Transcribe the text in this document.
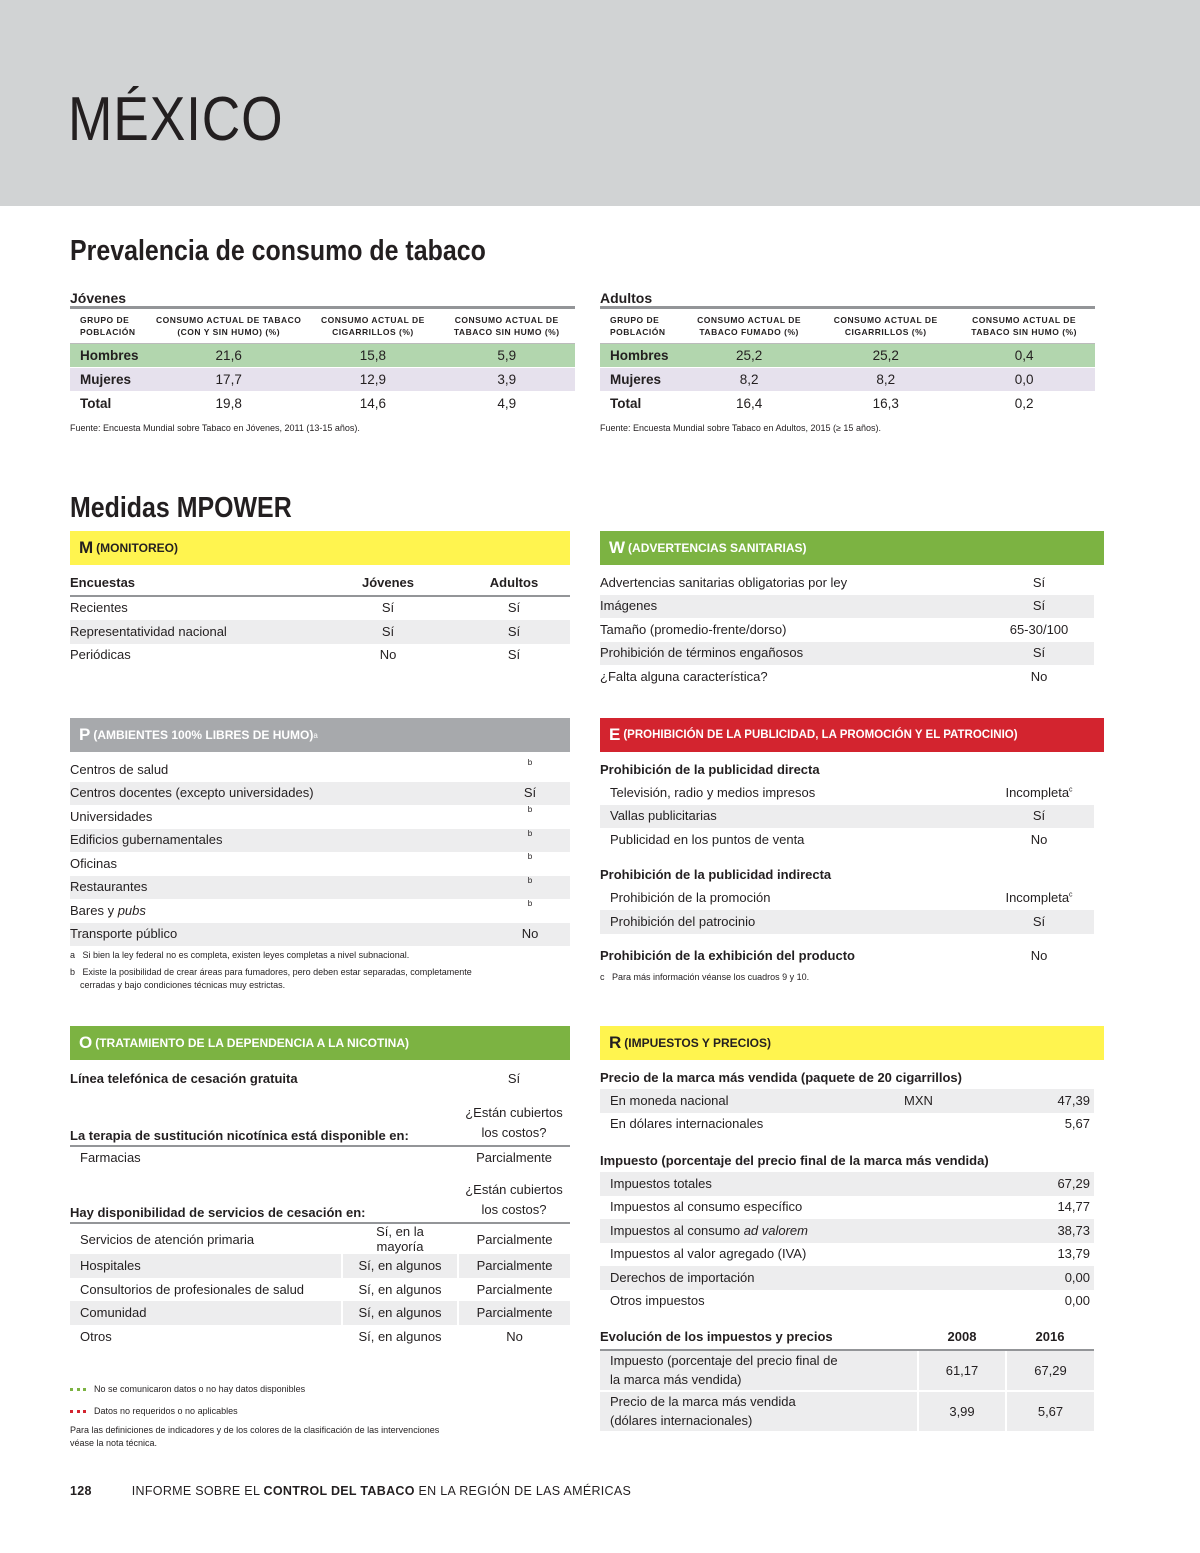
MÉXICO
Prevalencia de consumo de tabaco
Jóvenes
GRUPO DE POBLACIÓN	CONSUMO ACTUAL DE TABACO (CON Y SIN HUMO) (%)	CONSUMO ACTUAL DE CIGARRILLOS (%)	CONSUMO ACTUAL DE TABACO SIN HUMO (%)
Hombres	21,6	15,8	5,9
Mujeres	17,7	12,9	3,9
Total	19,8	14,6	4,9
Fuente: Encuesta Mundial sobre Tabaco en Jóvenes, 2011 (13-15 años).
Adultos
GRUPO DE POBLACIÓN	CONSUMO ACTUAL DE TABACO FUMADO (%)	CONSUMO ACTUAL DE CIGARRILLOS (%)	CONSUMO ACTUAL DE TABACO SIN HUMO (%)
Hombres	25,2	25,2	0,4
Mujeres	8,2	8,2	0,0
Total	16,4	16,3	0,2
Fuente: Encuesta Mundial sobre Tabaco en Adultos, 2015 (≥ 15 años).
Medidas MPOWER
M (MONITOREO)
Encuestas	Jóvenes	Adultos
Recientes	Sí	Sí
Representatividad nacional	Sí	Sí
Periódicas	No	Sí
W (ADVERTENCIAS SANITARIAS)
Advertencias sanitarias obligatorias por ley	Sí
Imágenes	Sí
Tamaño (promedio-frente/dorso)	65-30/100
Prohibición de términos engañosos	Sí
¿Falta alguna característica?	No
P (AMBIENTES 100% LIBRES DE HUMO) a
Centros de salud	b
Centros docentes (excepto universidades)	Sí
Universidades	b
Edificios gubernamentales	b
Oficinas	b
Restaurantes	b
Bares y pubs	b
Transporte público	No
a   Si bien la ley federal no es completa, existen leyes completas a nivel subnacional.
b   Existe la posibilidad de crear áreas para fumadores, pero deben estar separadas, completamente
cerradas y bajo condiciones técnicas muy estrictas.
E (PROHIBICIÓN DE LA PUBLICIDAD, LA PROMOCIÓN Y EL PATROCINIO)
Prohibición de la publicidad directa
Televisión, radio y medios impresos	Incompleta$^c$
Vallas publicitarias	Sí
Publicidad en los puntos de venta	No
Prohibición de la publicidad indirecta
Prohibición de la promoción	Incompleta$^c$
Prohibición del patrocinio	Sí
Prohibición de la exhibición del producto	No
c   Para más información véanse los cuadros 9 y 10.
O (TRATAMIENTO DE LA DEPENDENCIA A LA NICOTINA)
Línea telefónica de cesación gratuita	Sí
La terapia de sustitución nicotínica está disponible en:
¿Están cubiertos
los costos?
Farmacias	Parcialmente
Hay disponibilidad de servicios de cesación en:
¿Están cubiertos
los costos?
Servicios de atención primaria	Sí, en la mayoría	Parcialmente
Hospitales	Sí, en algunos	Parcialmente
Consultorios de profesionales de salud	Sí, en algunos	Parcialmente
Comunidad	Sí, en algunos	Parcialmente
Otros	Sí, en algunos	No
No se comunicaron datos o no hay datos disponibles
Datos no requeridos o no aplicables
Para las definiciones de indicadores y de los colores de la clasificación de las intervenciones
véase la nota técnica.
R (IMPUESTOS Y PRECIOS)
Precio de la marca más vendida (paquete de 20 cigarrillos)
En moneda nacional	MXN	47,39
En dólares internacionales	5,67
Impuesto (porcentaje del precio final de la marca más vendida)
Impuestos totales	67,29
Impuestos al consumo específico	14,77
Impuestos al consumo ad valorem	38,73
Impuestos al valor agregado (IVA)	13,79
Derechos de importación	0,00
Otros impuestos	0,00
Evolución de los impuestos y precios	2008	2016
Impuesto (porcentaje del precio final de
la marca más vendida)	61,17	67,29
Precio de la marca más vendida
(dólares internacionales)	3,99	5,67
128	INFORME SOBRE EL CONTROL DEL TABACO EN LA REGIÓN DE LAS AMÉRICAS
